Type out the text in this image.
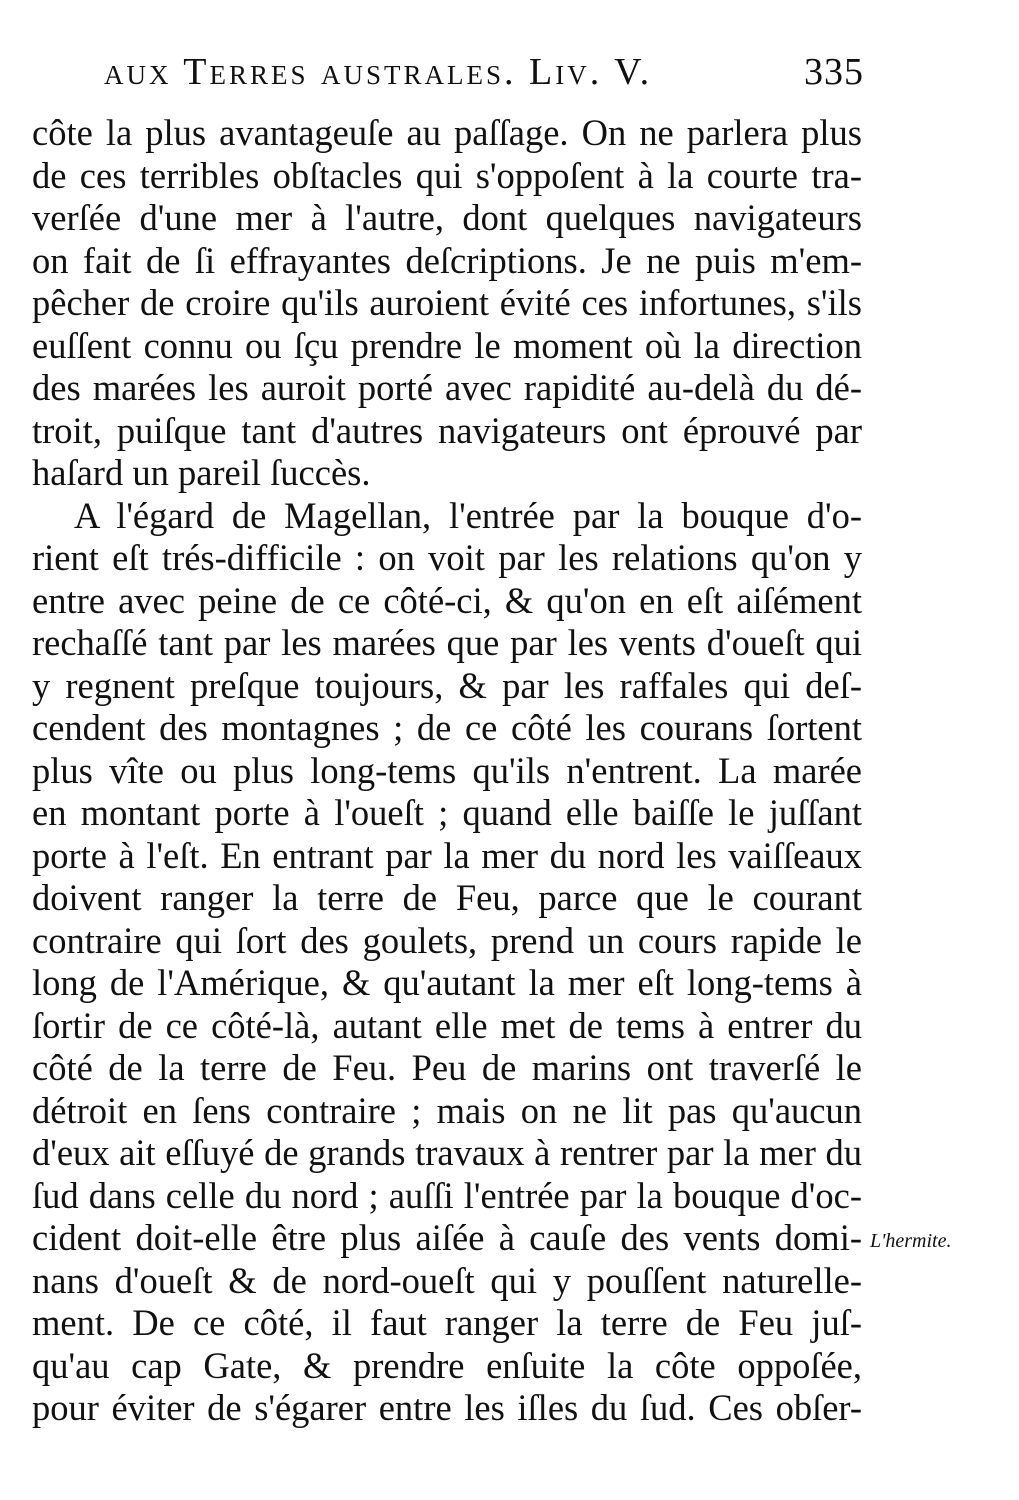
aux Terres australes. Liv. V.	335
côte la plus avantageuſe au paſſage. On ne parlera plus
de ces terribles obſtacles qui s'oppoſent à la courte tra-
verſée d'une mer à l'autre, dont quelques navigateurs
on fait de ſi effrayantes deſcriptions. Je ne puis m'em-
pêcher de croire qu'ils auroient évité ces infortunes, s'ils
euſſent connu ou ſçu prendre le moment où la direction
des marées les auroit porté avec rapidité au-delà du dé-
troit, puiſque tant d'autres navigateurs ont éprouvé par
haſard un pareil ſuccès.
A l'égard de Magellan, l'entrée par la bouque d'o-
rient eſt trés-difficile : on voit par les relations qu'on y
entre avec peine de ce côté-ci, & qu'on en eſt aiſément
rechaſſé tant par les marées que par les vents d'oueſt qui
y regnent preſque toujours, & par les raffales qui deſ-
cendent des montagnes ; de ce côté les courans ſortent
plus vîte ou plus long-tems qu'ils n'entrent. La marée
en montant porte à l'oueſt ; quand elle baiſſe le juſſant
porte à l'eſt. En entrant par la mer du nord les vaiſſeaux
doivent ranger la terre de Feu, parce que le courant
contraire qui ſort des goulets, prend un cours rapide le
long de l'Amérique, & qu'autant la mer eſt long-tems à
ſortir de ce côté-là, autant elle met de tems à entrer du
côté de la terre de Feu. Peu de marins ont traverſé le
détroit en ſens contraire ; mais on ne lit pas qu'aucun
d'eux ait eſſuyé de grands travaux à rentrer par la mer du
ſud dans celle du nord ; auſſi l'entrée par la bouque d'oc-
cident doit-elle être plus aiſée à cauſe des vents domi-
nans d'oueſt & de nord-oueſt qui y pouſſent naturelle-
ment. De ce côté, il faut ranger la terre de Feu juſ-
qu'au cap Gate, & prendre enſuite la côte oppoſée,
pour éviter de s'égarer entre les iſles du ſud. Ces obſer-
L'hermite.
